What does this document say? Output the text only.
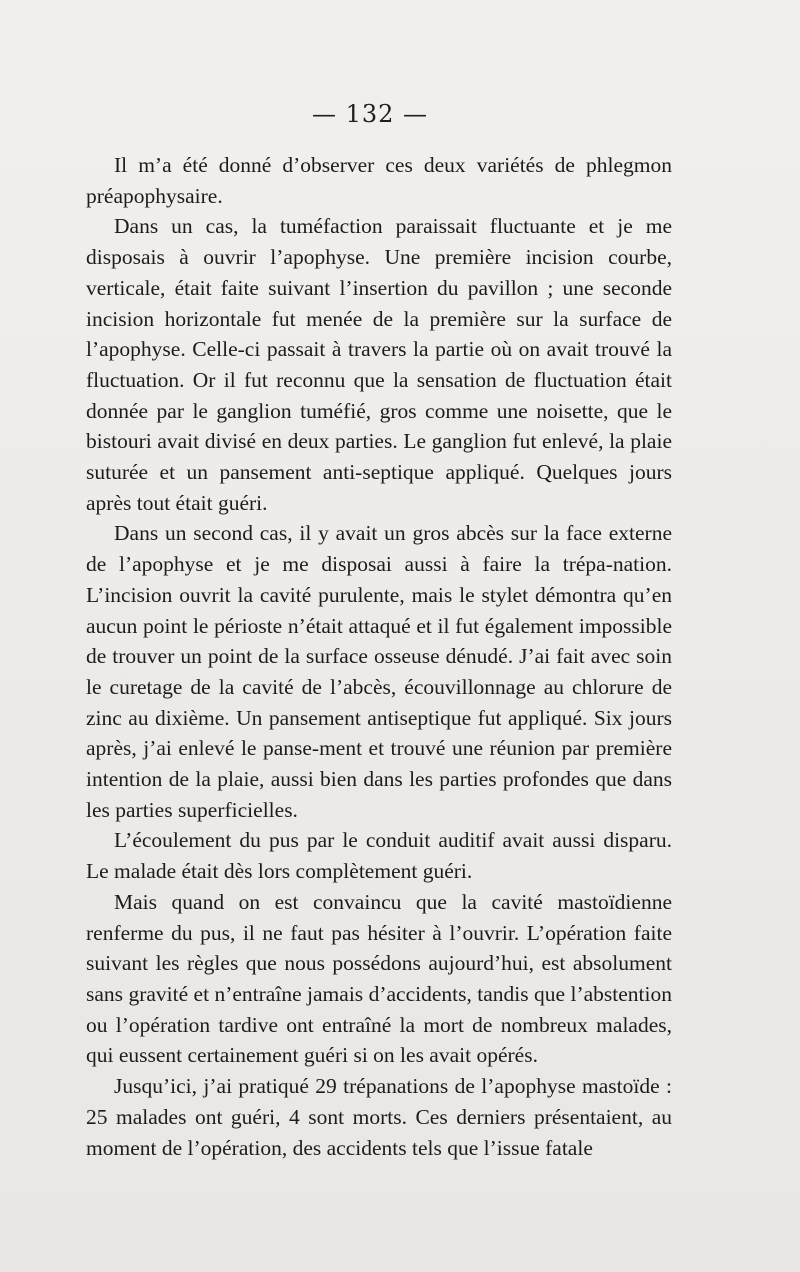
— 132 —

Il m’a été donné d’observer ces deux variétés de phlegmon préapophysaire.

Dans un cas, la tuméfaction paraissait fluctuante et je me disposais à ouvrir l’apophyse. Une première incision courbe, verticale, était faite suivant l’insertion du pavillon ; une seconde incision horizontale fut menée de la première sur la surface de l’apophyse. Celle-ci passait à travers la partie où on avait trouvé la fluctuation. Or il fut reconnu que la sensation de fluctuation était donnée par le ganglion tuméfié, gros comme une noisette, que le bistouri avait divisé en deux parties. Le ganglion fut enlevé, la plaie suturée et un pansement anti-septique appliqué. Quelques jours après tout était guéri.

Dans un second cas, il y avait un gros abcès sur la face externe de l’apophyse et je me disposai aussi à faire la trépa-nation. L’incision ouvrit la cavité purulente, mais le stylet démontra qu’en aucun point le périoste n’était attaqué et il fut également impossible de trouver un point de la surface osseuse dénudé. J’ai fait avec soin le curetage de la cavité de l’abcès, écouvillonnage au chlorure de zinc au dixième. Un pansement antiseptique fut appliqué. Six jours après, j’ai enlevé le panse-ment et trouvé une réunion par première intention de la plaie, aussi bien dans les parties profondes que dans les parties superficielles.

L’écoulement du pus par le conduit auditif avait aussi disparu. Le malade était dès lors complètement guéri.

Mais quand on est convaincu que la cavité mastoïdienne renferme du pus, il ne faut pas hésiter à l’ouvrir. L’opération faite suivant les règles que nous possédons aujourd’hui, est absolument sans gravité et n’entraîne jamais d’accidents, tandis que l’abstention ou l’opération tardive ont entraîné la mort de nombreux malades, qui eussent certainement guéri si on les avait opérés.

Jusqu’ici, j’ai pratiqué 29 trépanations de l’apophyse mastoïde : 25 malades ont guéri, 4 sont morts. Ces derniers présentaient, au moment de l’opération, des accidents tels que l’issue fatale
